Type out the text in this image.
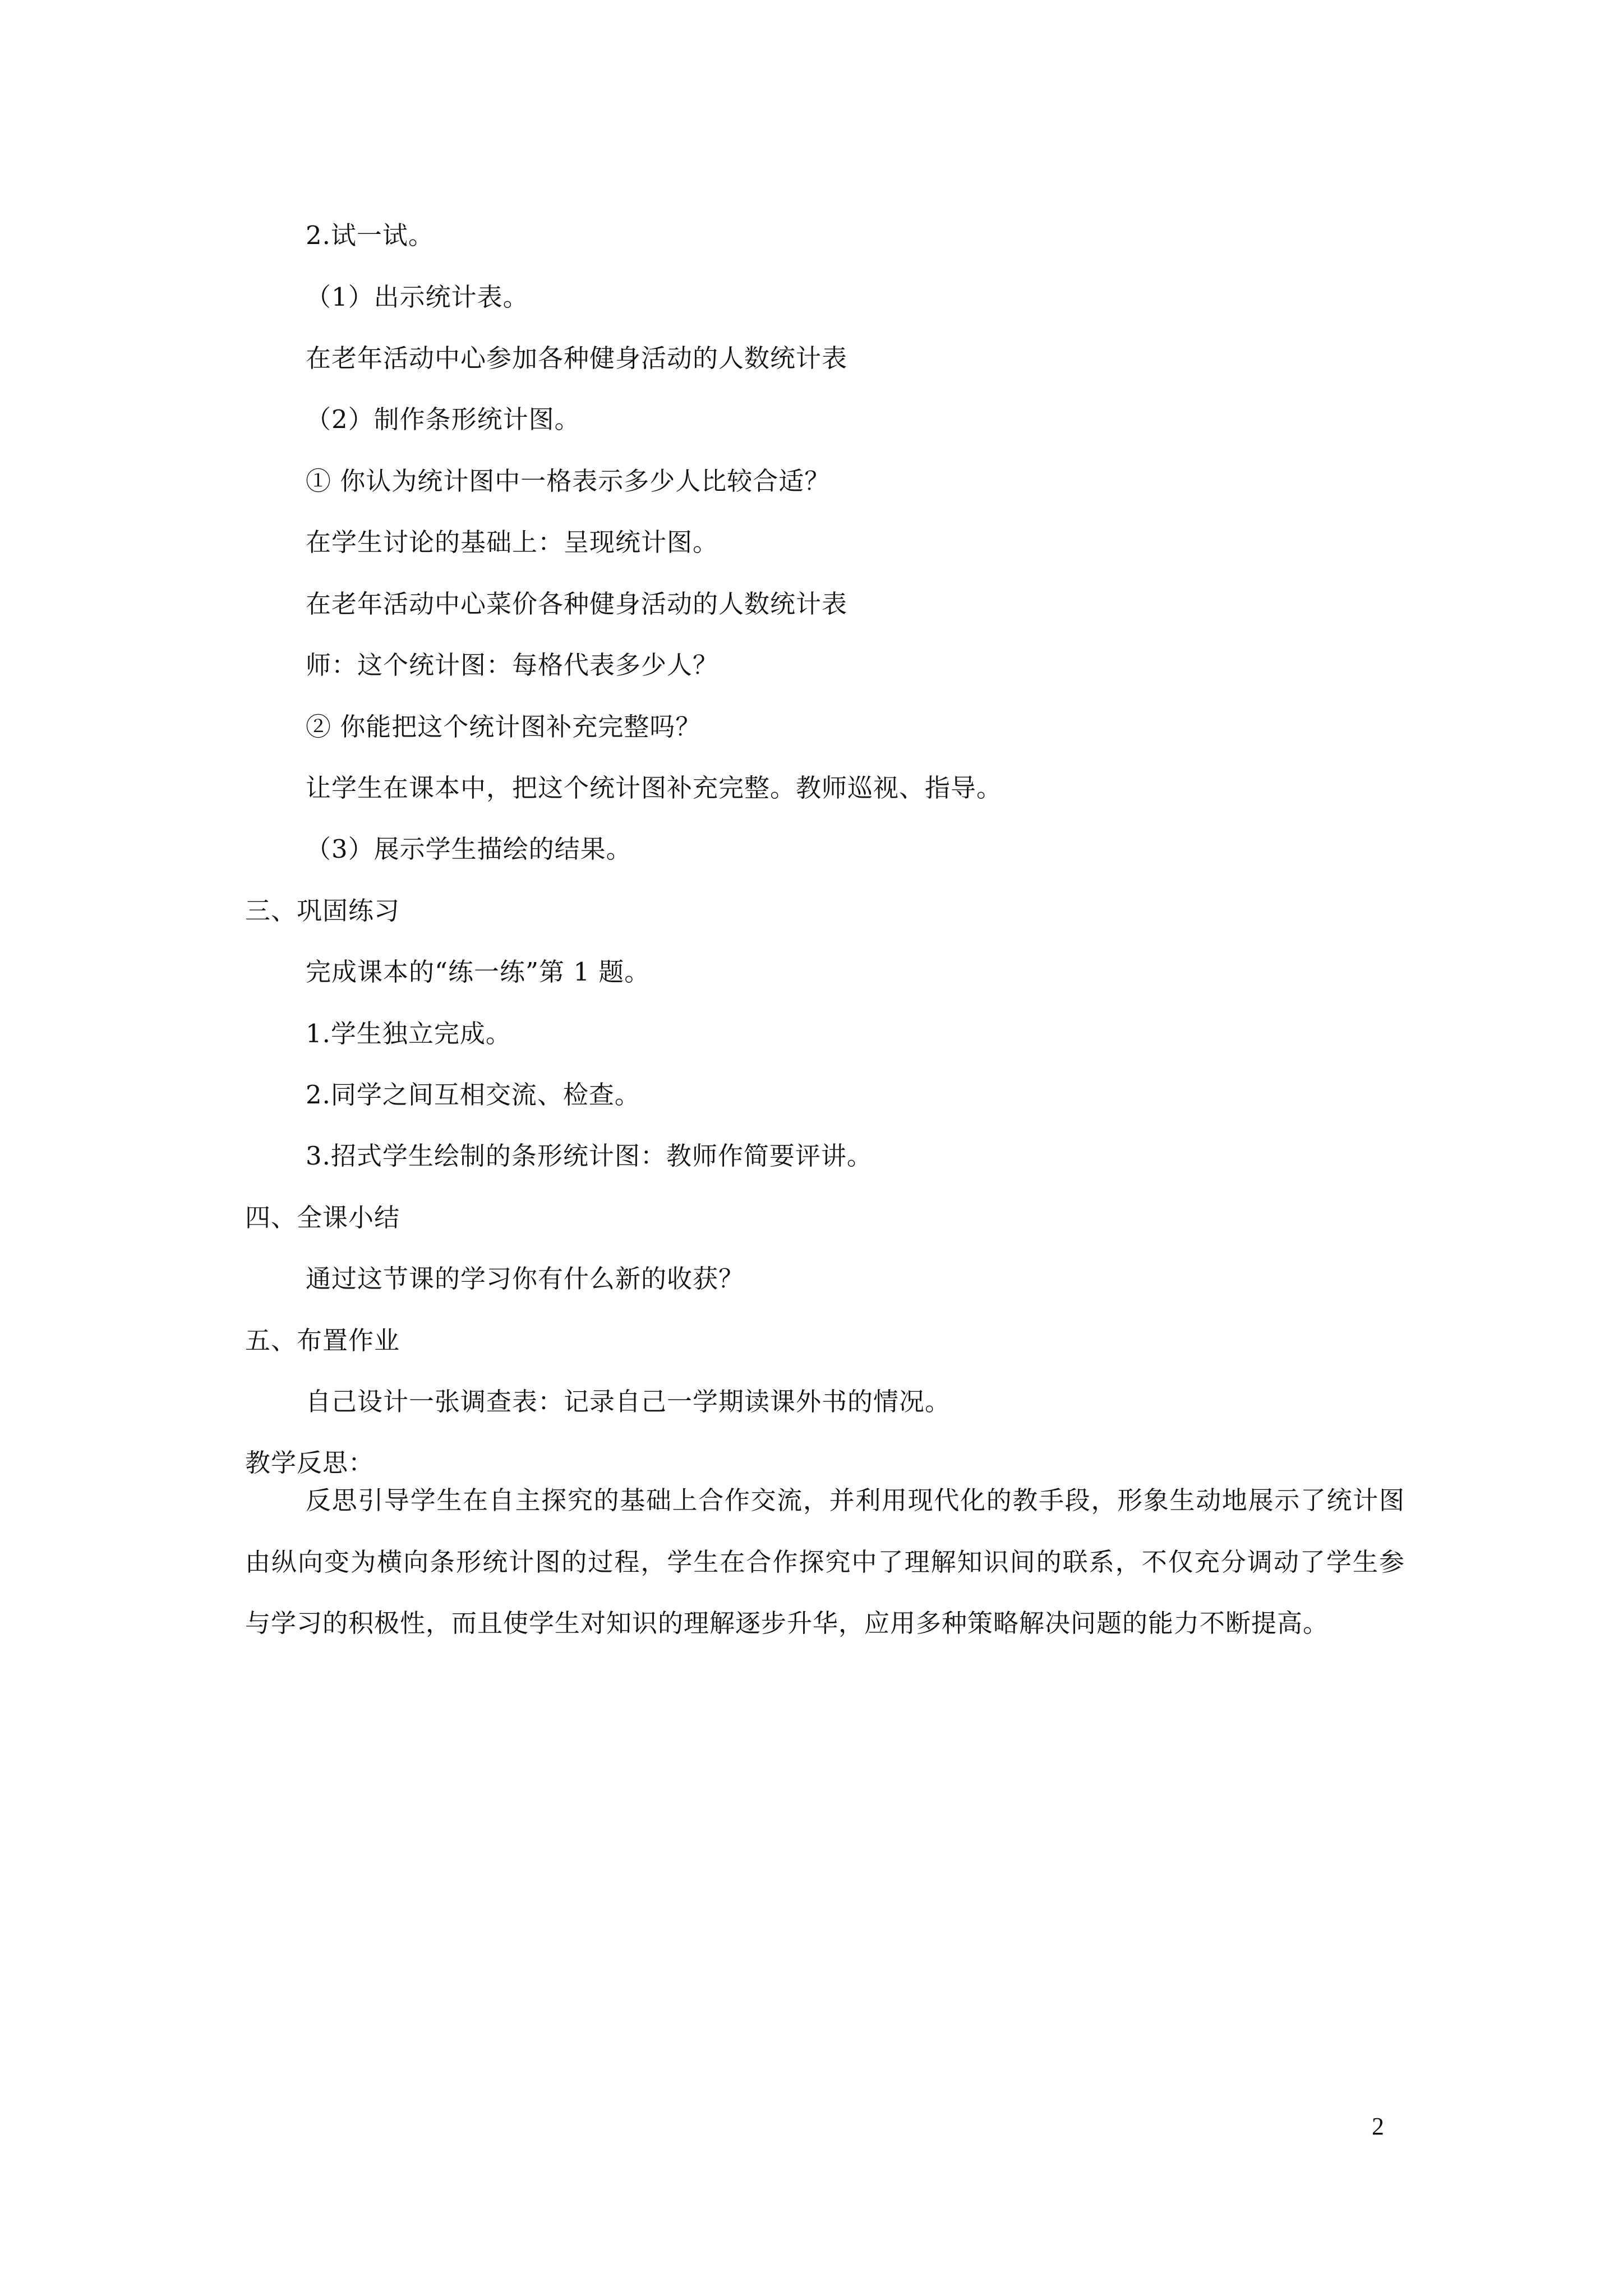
2.试一试。
（1）出示统计表。
在老年活动中心参加各种健身活动的人数统计表
（2）制作条形统计图。
① 你认为统计图中一格表示多少人比较合适？
在学生讨论的基础上：呈现统计图。
在老年活动中心菜价各种健身活动的人数统计表
师：这个统计图：每格代表多少人？
② 你能把这个统计图补充完整吗？
让学生在课本中，把这个统计图补充完整。教师巡视、指导。
（3）展示学生描绘的结果。
三、巩固练习
完成课本的“练一练”第 1 题。
1.学生独立完成。
2.同学之间互相交流、检查。
3.招式学生绘制的条形统计图：教师作简要评讲。
四、全课小结
通过这节课的学习你有什么新的收获？
五、布置作业
自己设计一张调查表：记录自己一学期读课外书的情况。
教学反思：
反思引导学生在自主探究的基础上合作交流，并利用现代化的教手段，形象生动地展示了统计图由纵向变为横向条形统计图的过程，学生在合作探究中了理解知识间的联系，不仅充分调动了学生参与学习的积极性，而且使学生对知识的理解逐步升华，应用多种策略解决问题的能力不断提高。
2
